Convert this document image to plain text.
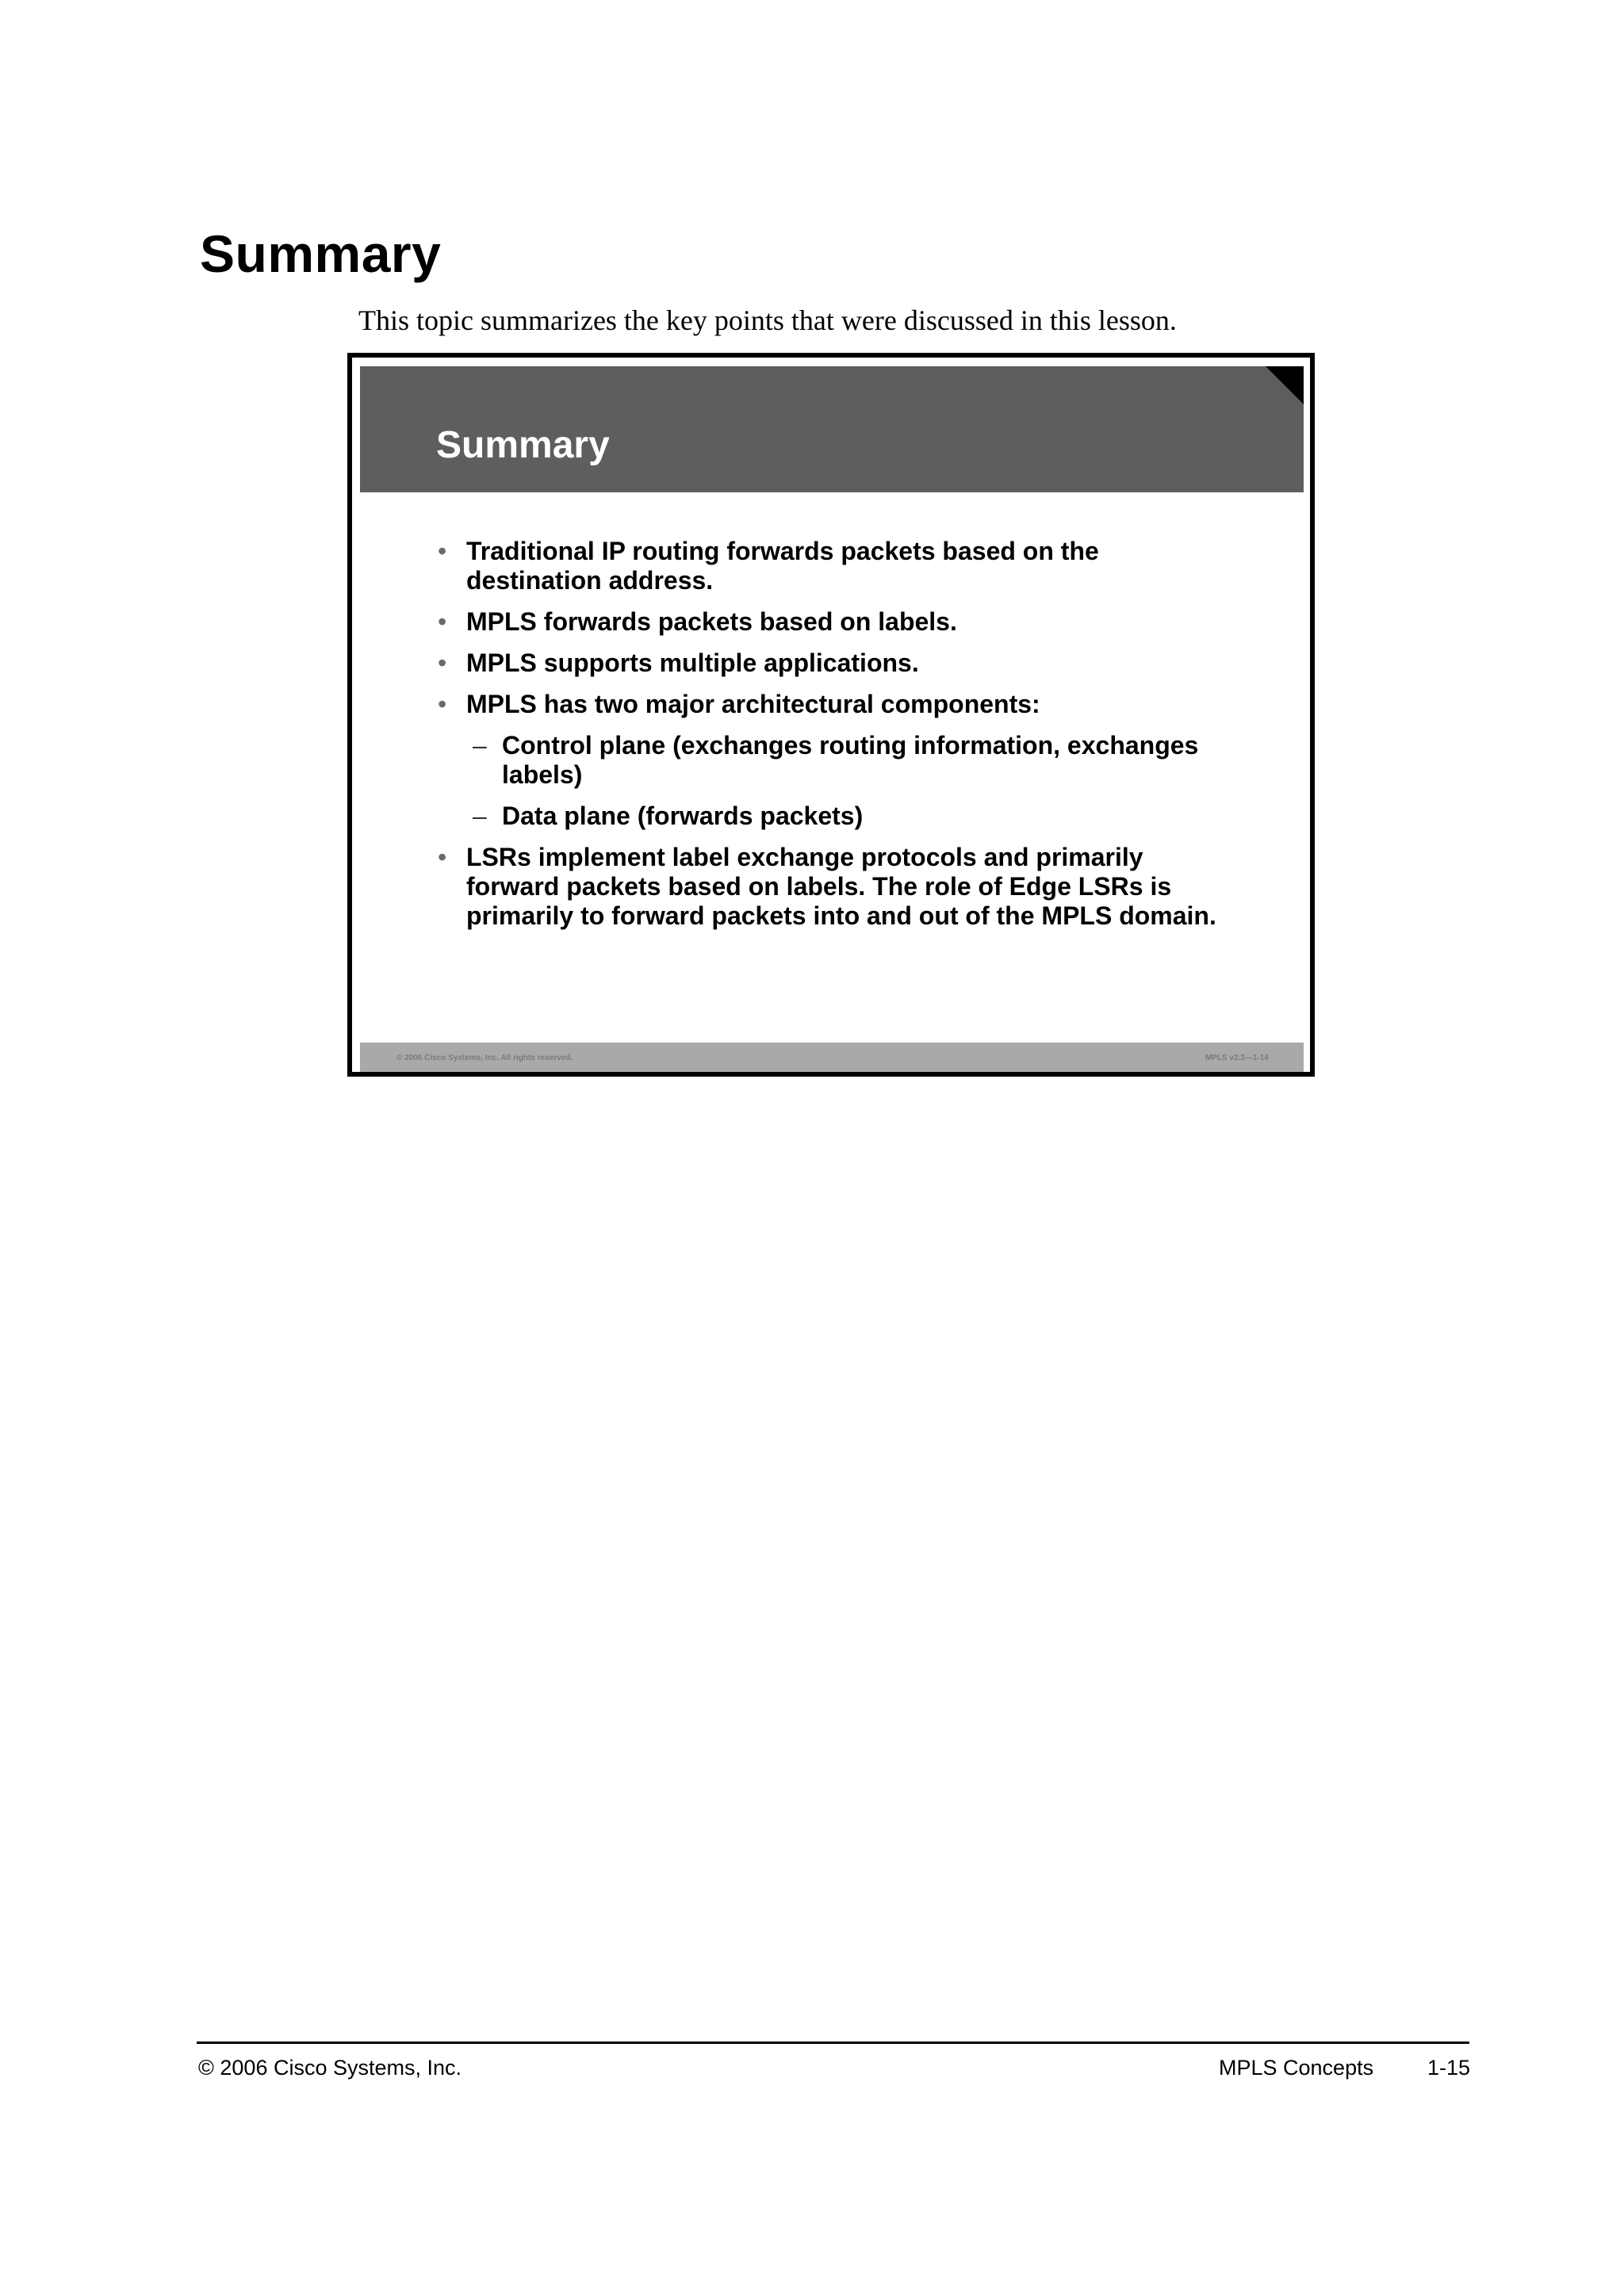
Summary

This topic summarizes the key points that were discussed in this lesson.

Summary
• Traditional IP routing forwards packets based on the destination address.
• MPLS forwards packets based on labels.
• MPLS supports multiple applications.
• MPLS has two major architectural components:
– Control plane (exchanges routing information, exchanges labels)
– Data plane (forwards packets)
• LSRs implement label exchange protocols and primarily forward packets based on labels. The role of Edge LSRs is primarily to forward packets into and out of the MPLS domain.
© 2006 Cisco Systems, Inc. All rights reserved.	MPLS v2.2—1-14
© 2006 Cisco Systems, Inc.	MPLS Concepts	1-15
